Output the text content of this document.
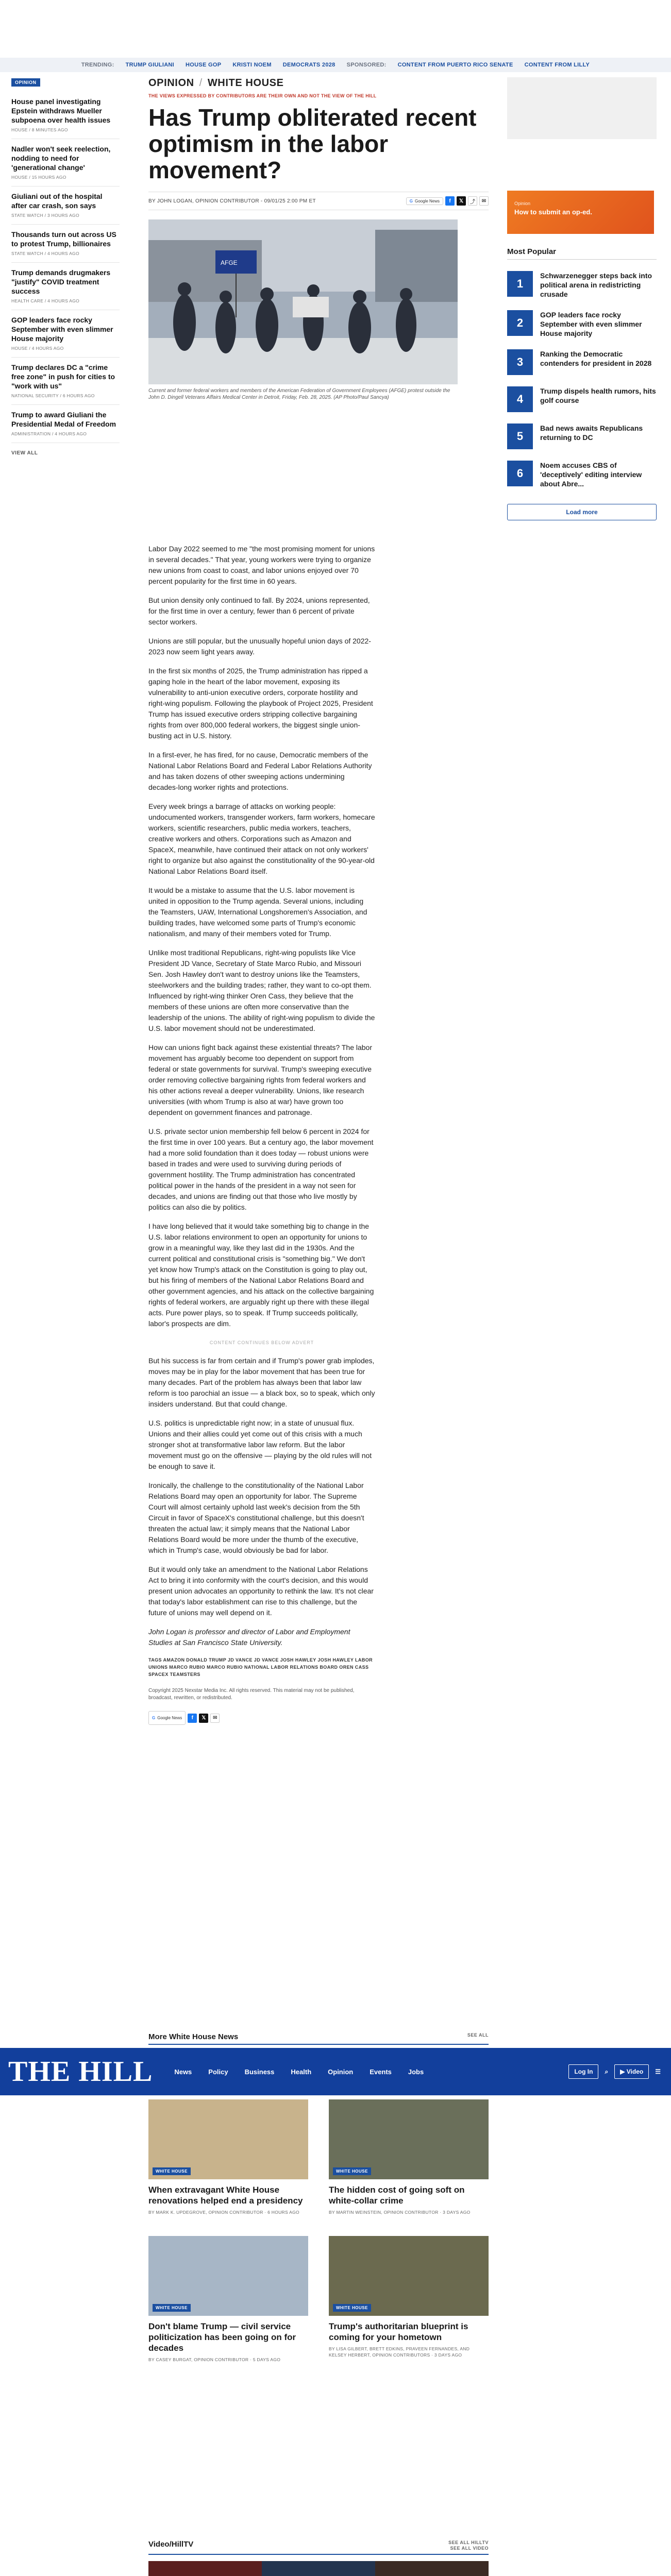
TRENDING: TRUMP GIULIANI HOUSE GOP KRISTI NOEM DEMOCRATS 2028 SPONSORED: CONTENT FROM PUERTO RICO SENATE CONTENT FROM LILLY
OPINION
House panel investigating Epstein withdraws Mueller subpoena over health issues
HOUSE / 8 MINUTES AGO
Nadler won't seek reelection, nodding to need for 'generational change'
HOUSE / 15 HOURS AGO
Giuliani out of the hospital after car crash, son says
STATE WATCH / 3 HOURS AGO
Thousands turn out across US to protest Trump, billionaires
STATE WATCH / 4 HOURS AGO
Trump demands drugmakers "justify" COVID treatment success
HEALTH CARE / 4 HOURS AGO
GOP leaders face rocky September with even slimmer House majority
HOUSE / 4 HOURS AGO
Trump declares DC a "crime free zone" in push for cities to "work with us"
NATIONAL SECURITY / 6 HOURS AGO
Trump to award Giuliani the Presidential Medal of Freedom
ADMINISTRATION / 4 HOURS AGO
VIEW ALL
OPINION / WHITE HOUSE
THE VIEWS EXPRESSED BY CONTRIBUTORS ARE THEIR OWN AND NOT THE VIEW OF THE HILL
Has Trump obliterated recent optimism in the labor movement?
BY JOHN LOGAN, OPINION CONTRIBUTOR - 09/01/25 2:00 PM ET	G Google News	f	𝕏	⤴	✉
AFGE
Current and former federal workers and members of the American Federation of Government Employees (AFGE) protest outside the John D. Dingell Veterans Affairs Medical Center in Detroit, Friday, Feb. 28, 2025. (AP Photo/Paul Sancya)

Labor Day 2022 seemed to me "the most promising moment for unions in several decades." That year, young workers were trying to organize new unions from coast to coast, and labor unions enjoyed over 70 percent popularity for the first time in 60 years.

But union density only continued to fall. By 2024, unions represented, for the first time in over a century, fewer than 6 percent of private sector workers.

Unions are still popular, but the unusually hopeful union days of 2022-2023 now seem light years away.

In the first six months of 2025, the Trump administration has ripped a gaping hole in the heart of the labor movement, exposing its vulnerability to anti-union executive orders, corporate hostility and right-wing populism. Following the playbook of Project 2025, President Trump has issued executive orders stripping collective bargaining rights from over 800,000 federal workers, the biggest single union-busting act in U.S. history.

In a first-ever, he has fired, for no cause, Democratic members of the National Labor Relations Board and Federal Labor Relations Authority and has taken dozens of other sweeping actions undermining decades-long worker rights and protections.

Every week brings a barrage of attacks on working people: undocumented workers, transgender workers, farm workers, homecare workers, scientific researchers, public media workers, teachers, creative workers and others. Corporations such as Amazon and SpaceX, meanwhile, have continued their attack on not only workers' right to organize but also against the constitutionality of the 90-year-old National Labor Relations Board itself.

It would be a mistake to assume that the U.S. labor movement is united in opposition to the Trump agenda. Several unions, including the Teamsters, UAW, International Longshoremen's Association, and building trades, have welcomed some parts of Trump's economic nationalism, and many of their members voted for Trump.

Unlike most traditional Republicans, right-wing populists like Vice President JD Vance, Secretary of State Marco Rubio, and Missouri Sen. Josh Hawley don't want to destroy unions like the Teamsters, steelworkers and the building trades; rather, they want to co-opt them. Influenced by right-wing thinker Oren Cass, they believe that the members of these unions are often more conservative than the leadership of the unions. The ability of right-wing populism to divide the U.S. labor movement should not be underestimated.

How can unions fight back against these existential threats? The labor movement has arguably become too dependent on support from federal or state governments for survival. Trump's sweeping executive order removing collective bargaining rights from federal workers and his other actions reveal a deeper vulnerability. Unions, like research universities (with whom Trump is also at war) have grown too dependent on government finances and patronage.

U.S. private sector union membership fell below 6 percent in 2024 for the first time in over 100 years. But a century ago, the labor movement had a more solid foundation than it does today — robust unions were based in trades and were used to surviving during periods of government hostility. The Trump administration has concentrated political power in the hands of the president in a way not seen for decades, and unions are finding out that those who live mostly by politics can also die by politics.

I have long believed that it would take something big to change in the U.S. labor relations environment to open an opportunity for unions to grow in a meaningful way, like they last did in the 1930s. And the current political and constitutional crisis is "something big." We don't yet know how Trump's attack on the Constitution is going to play out, but his firing of members of the National Labor Relations Board and other government agencies, and his attack on the collective bargaining rights of federal workers, are arguably right up there with these illegal acts. Pure power plays, so to speak. If Trump succeeds politically, labor's prospects are dim.

CONTENT CONTINUES BELOW ADVERT

But his success is far from certain and if Trump's power grab implodes, moves may be in play for the labor movement that has been true for many decades. Part of the problem has always been that labor law reform is too parochial an issue — a black box, so to speak, which only insiders understand. But that could change.

U.S. politics is unpredictable right now; in a state of unusual flux. Unions and their allies could yet come out of this crisis with a much stronger shot at transformative labor law reform. But the labor movement must go on the offensive — playing by the old rules will not be enough to save it.

Ironically, the challenge to the constitutionality of the National Labor Relations Board may open an opportunity for labor. The Supreme Court will almost certainly uphold last week's decision from the 5th Circuit in favor of SpaceX's constitutional challenge, but this doesn't threaten the actual law; it simply means that the National Labor Relations Board would be more under the thumb of the executive, which in Trump's case, would obviously be bad for labor.

But it would only take an amendment to the National Labor Relations Act to bring it into conformity with the court's decision, and this would present union advocates an opportunity to rethink the law. It's not clear that today's labor establishment can rise to this challenge, but the future of unions may well depend on it.

John Logan is professor and director of Labor and Employment Studies at San Francisco State University.

TAGS AMAZON DONALD TRUMP JD VANCE JD VANCE JOSH HAWLEY JOSH HAWLEY LABOR UNIONS MARCO RUBIO MARCO RUBIO NATIONAL LABOR RELATIONS BOARD OREN CASS SPACEX TEAMSTERS
Copyright 2025 Nexstar Media Inc. All rights reserved. This material may not be published, broadcast, rewritten, or redistributed.
G Google News	f	𝕏	✉
Opinion
How to submit an op-ed.
Most Popular
1
Schwarzenegger steps back into political arena in redistricting crusade
2
GOP leaders face rocky September with even slimmer House majority
3
Ranking the Democratic contenders for president in 2028
4
Trump dispels health rumors, hits golf course
5
Bad news awaits Republicans returning to DC
6
Noem accuses CBS of 'deceptively' editing interview about Abre...
Load more
THE HILL	News Policy Business Health Opinion Events Jobs	Log In	⌕	▶ Video	☰
More White House News	SEE ALL
WHITE HOUSE
When extravagant White House renovations helped end a presidency
BY MARK K. UPDEGROVE, OPINION CONTRIBUTOR · 6 HOURS AGO
WHITE HOUSE
The hidden cost of going soft on white-collar crime
BY MARTIN WEINSTEIN, OPINION CONTRIBUTOR · 3 DAYS AGO
WHITE HOUSE
Don't blame Trump — civil service politicization has been going on for decades
BY CASEY BURGAT, OPINION CONTRIBUTOR · 5 DAYS AGO
WHITE HOUSE
Trump's authoritarian blueprint is coming for your hometown
BY LISA GILBERT, BRETT EDKINS, PRAVEEN FERNANDES, AND KELSEY HERBERT, OPINION CONTRIBUTORS · 3 DAYS AGO
Video/HillTV	SEE ALL HILLTV
SEE ALL VIDEO
